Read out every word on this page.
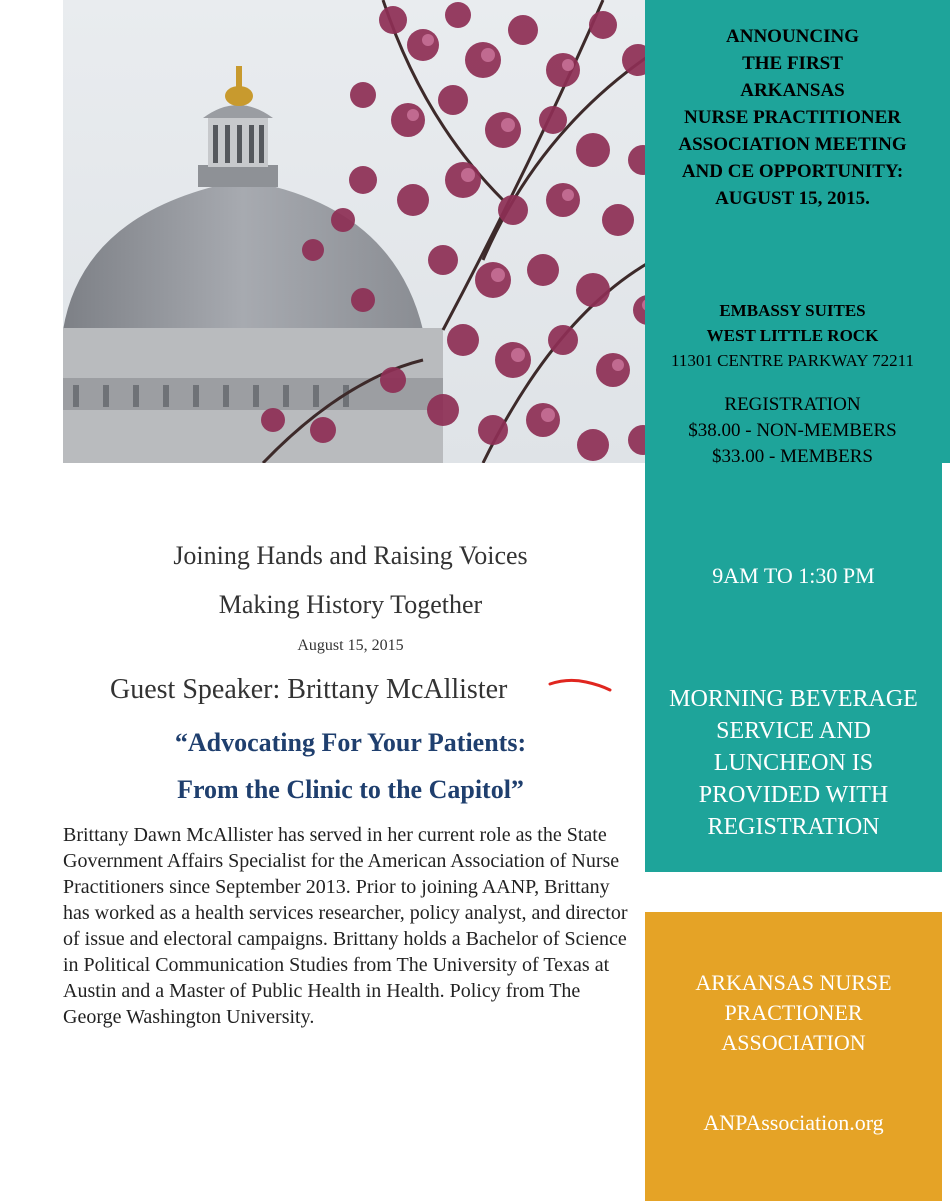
ANNOUNCING
THE FIRST
ARKANSAS
NURSE PRACTITIONER
ASSOCIATION MEETING
AND CE OPPORTUNITY:
AUGUST 15, 2015.
EMBASSY SUITES
WEST LITTLE ROCK
11301 CENTRE PARKWAY 72211
REGISTRATION
$38.00 - NON-MEMBERS
$33.00 - MEMBERS
9AM TO 1:30 PM
MORNING BEVERAGE
SERVICE AND
LUNCHEON IS
PROVIDED WITH
REGISTRATION
ARKANSAS NURSE
PRACTIONER
ASSOCIATION
ANPAssociation.org
Joining Hands and Raising Voices
Making History Together
August 15, 2015
Guest Speaker: Brittany McAllister
“Advocating For Your Patients:
From the Clinic to the Capitol”
Brittany Dawn McAllister has served in her current role as the State Government Affairs Specialist for the American Association of Nurse Practitioners since September 2013. Prior to joining AANP, Brittany has worked as a health services researcher, policy analyst, and director of issue and electoral campaigns. Brittany holds a Bachelor of Science in Political Communication Studies from The University of Texas at Austin and a Master of Public Health in Health. Policy from The George Washington University.
